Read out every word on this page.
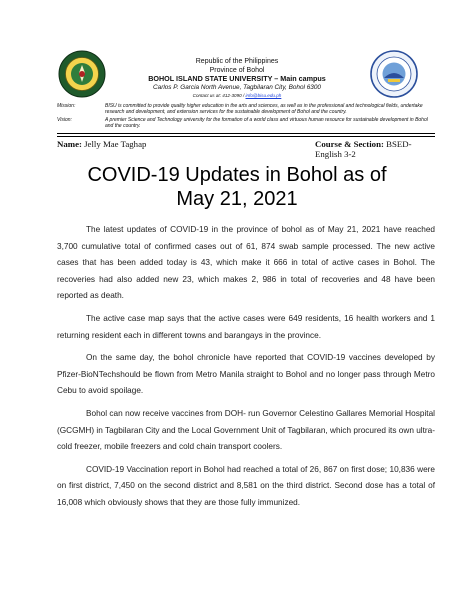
Republic of the Philippines
Province of Bohol
BOHOL ISLAND STATE UNIVERSITY – Main campus
Carlos P. Garcia North Avenue, Tagbilaran City, Bohol 6300
Contact us at: 412-3090 / info@bisu.edu.ph
Mission:	BISU is committed to provide quality higher education in the arts and sciences, as well as in the professional and technological fields, undertake research and development, and extension services for the sustainable development of Bohol and the country.
Vision:	A premier Science and Technology university for the formation of a world class and virtuous human resource for sustainable development in Bohol and the country.
Name: Jelly Mae Taghap	Course & Section: BSED-English 3-2
COVID-19 Updates in Bohol as of
May 21, 2021

The latest updates of COVID-19 in the province of bohol as of May 21, 2021 have reached 3,700 cumulative total of confirmed cases out of 61, 874 swab sample processed. The new active cases that has been added today is 43, which make it 666 in total of active cases in Bohol. The recoveries had also added new 23, which makes 2, 986 in total of recoveries and 48 have been reported as death.

The active case map says that the active cases were 649 residents, 16 health workers and 1 returning resident each in different towns and barangays in the province.

On the same day, the bohol chronicle have reported that COVID-19 vaccines developed by Pfizer-BioNTechshould be flown from Metro Manila straight to Bohol and no longer pass through Metro Cebu to avoid spoilage.

Bohol can now receive vaccines from DOH- run Governor Celestino Gallares Memorial Hospital (GCGMH) in Tagbilaran City and the Local Government Unit of Tagbilaran, which procured its own ultra-cold freezer, mobile freezers and cold chain transport coolers.

COVID-19 Vaccination report in Bohol had reached a total of 26, 867 on first dose; 10,836 were on first district, 7,450 on the second district and 8,581 on the third district. Second dose has a total of 16,008 which obviously shows that they are those fully immunized.
